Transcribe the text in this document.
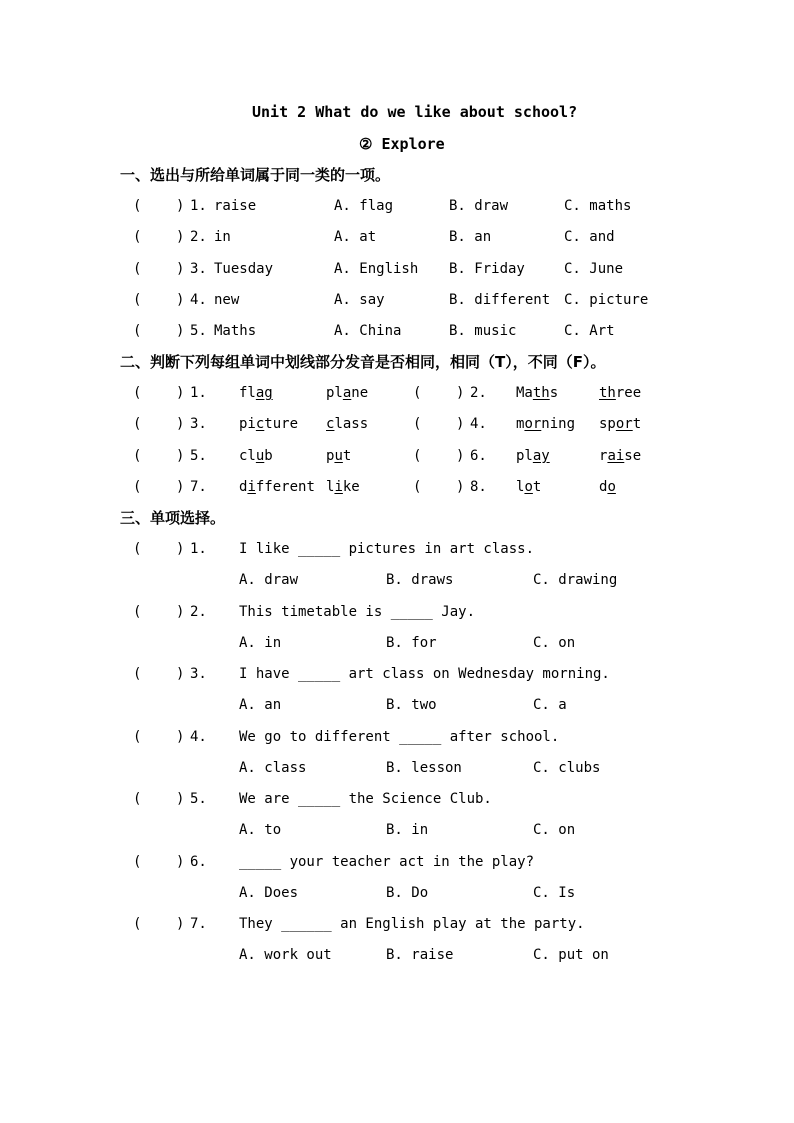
Unit 2 What do we like about school?
② Explore
一、选出与所给单词属于同一类的一项。
( ) 1. raise	A. flag	B. draw	C. maths
( ) 2. in	A. at	B. an	C. and
( ) 3. Tuesday	A. English B. Friday	C. June
( ) 4. new	A. say	B. different C. picture
( ) 5. Maths	A. China	B. music	C. Art
二、判断下列每组单词中划线部分发音是否相同，相同（T），不同（F）。
( ) 1. flag	plane	( ) 2. Maths	three
( ) 3. picture class	( ) 4. morning sport
( ) 5. club	put	( ) 6. play	raise
( ) 7. different like	( ) 8. lot	do
三、单项选择。
( ) 1. I like _____ pictures in art class.
A. draw	B. draws	C. drawing
( ) 2. This timetable is _____ Jay.
A. in	B. for	C. on
( ) 3. I have _____ art class on Wednesday morning.
A. an	B. two	C. a
( ) 4. We go to different _____ after school.
A. class	B. lesson	C. clubs
( ) 5. We are _____ the Science Club.
A. to	B. in	C. on
( ) 6. _____ your teacher act in the play?
A. Does	B. Do	C. Is
( ) 7. They ______ an English play at the party.
A. work out	B. raise	C. put on
